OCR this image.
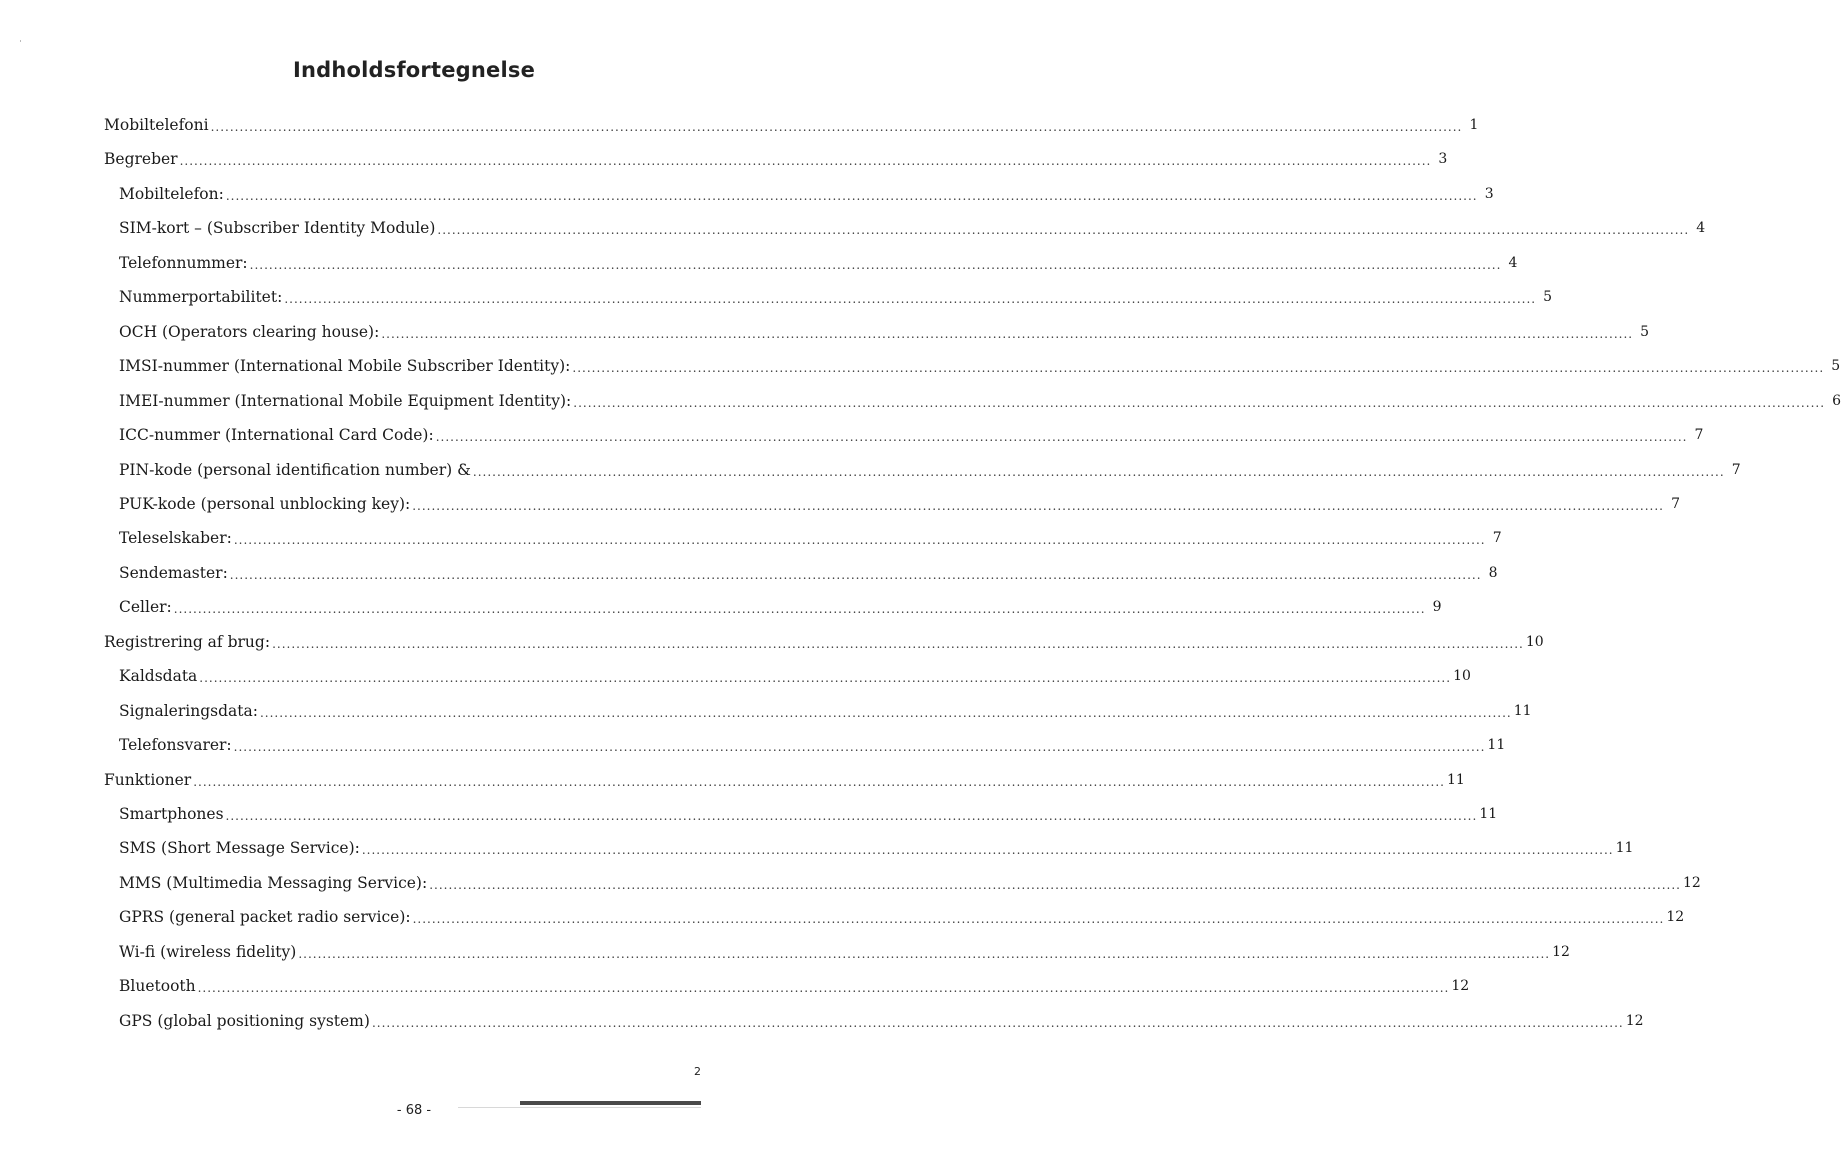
Indholdsfortegnelse
Mobiltelefoni .................................................................................................................................................................................................................................................................... 1
Begreber .................................................................................................................................................................................................................................................................... 3
Mobiltelefon: .................................................................................................................................................................................................................................................................... 3
SIM-kort – (Subscriber Identity Module) .................................................................................................................................................................................................................................................................... 4
Telefonnummer: .................................................................................................................................................................................................................................................................... 4
Nummerportabilitet: .................................................................................................................................................................................................................................................................... 5
OCH (Operators clearing house): .................................................................................................................................................................................................................................................................... 5
IMSI-nummer (International Mobile Subscriber Identity): .................................................................................................................................................................................................................................................................... 5
IMEI-nummer (International Mobile Equipment Identity): .................................................................................................................................................................................................................................................................... 6
ICC-nummer (International Card Code): .................................................................................................................................................................................................................................................................... 7
PIN-kode (personal identification number) & .................................................................................................................................................................................................................................................................... 7
PUK-kode (personal unblocking key): .................................................................................................................................................................................................................................................................... 7
Teleselskaber: .................................................................................................................................................................................................................................................................... 7
Sendemaster: .................................................................................................................................................................................................................................................................... 8
Celler: .................................................................................................................................................................................................................................................................... 9
Registrering af brug: .................................................................................................................................................................................................................................................................... 10
Kaldsdata .................................................................................................................................................................................................................................................................... 10
Signaleringsdata: .................................................................................................................................................................................................................................................................... 11
Telefonsvarer: .................................................................................................................................................................................................................................................................... 11
Funktioner .................................................................................................................................................................................................................................................................... 11
Smartphones .................................................................................................................................................................................................................................................................... 11
SMS (Short Message Service): .................................................................................................................................................................................................................................................................... 11
MMS (Multimedia Messaging Service): .................................................................................................................................................................................................................................................................... 12
GPRS (general packet radio service): .................................................................................................................................................................................................................................................................... 12
Wi-fi (wireless fidelity) .................................................................................................................................................................................................................................................................... 12
Bluetooth .................................................................................................................................................................................................................................................................... 12
GPS (global positioning system) .................................................................................................................................................................................................................................................................... 12
2
- 68 -
